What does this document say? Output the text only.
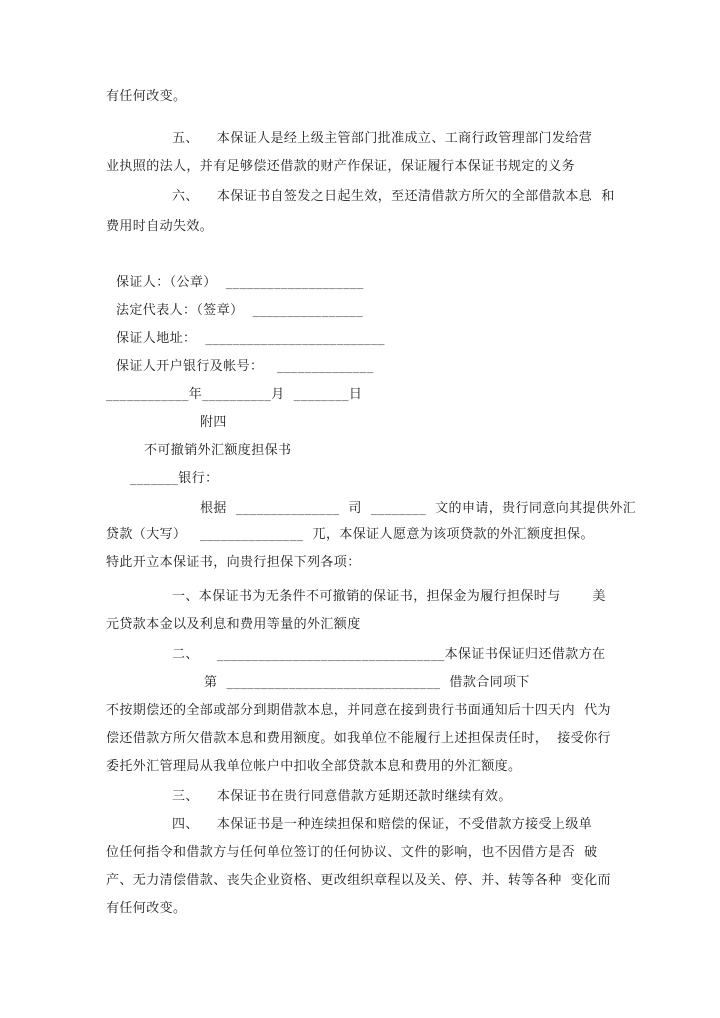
有任何改变。
五、    本保证人是经上级主管部门批准成立、工商行政管理部门发给营
业执照的法人，并有足够偿还借款的财产作保证，保证履行本保证书规定的义务
六、    本保证书自签发之日起生效，至还清借款方所欠的全部借款本息  和
费用时自动失效。
保证人：（公章）  ____________________
法定代表人：（签章）  ________________
保证人地址：  __________________________
保证人开户银行及帐号：   ______________
____________年__________月  ________日
附四
不可撤销外汇额度担保书
_______银行：
根据  _______________  司  ________  文的申请，贵行同意向其提供外汇
贷款（大写）   _______________  兀，本保证人愿意为该项贷款的外汇额度担保。
特此开立本保证书，向贵行担保下列各项：
一、本保证书为无条件不可撤销的保证书，担保金为履行担保时与       美
元贷款本金以及利息和费用等量的外汇额度
二、    _________________________________本保证书保证归还借款方在
第  _______________________________  借款合同项下
不按期偿还的全部或部分到期借款本息，并同意在接到贵行书面通知后十四天内  代为
偿还借款方所欠借款本息和费用额度。如我单位不能履行上述担保责任时，  接受你行
委托外汇管理局从我单位帐户中扣收全部贷款本息和费用的外汇额度。
三、    本保证书在贵行同意借款方延期还款时继续有效。
四、    本保证书是一种连续担保和赔偿的保证，不受借款方接受上级单
位任何指令和借款方与任何单位签订的任何协议、文件的影响，也不因借方是否  破
产、无力清偿借款、丧失企业资格、更改组织章程以及关、停、并、转等各种  变化而
有任何改变。
